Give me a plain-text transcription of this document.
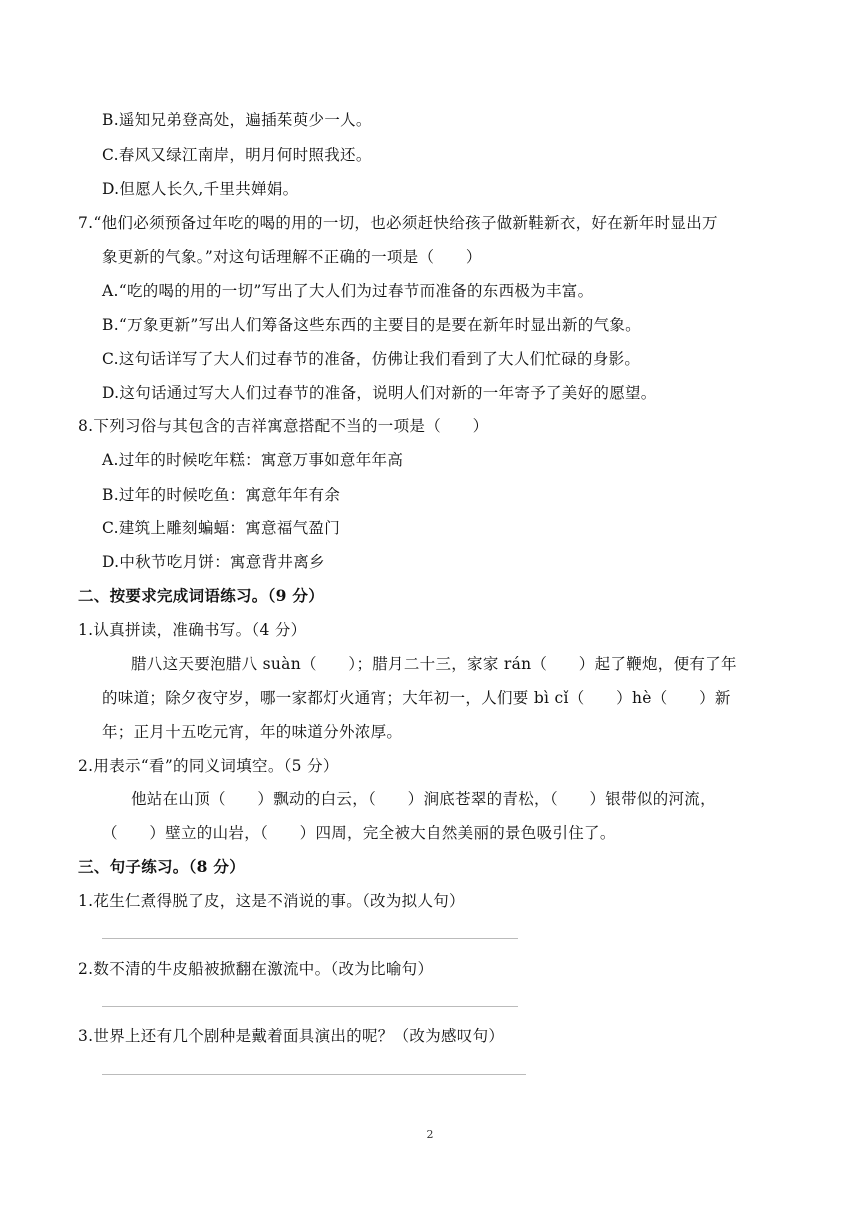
B.遥知兄弟登高处，遍插茱萸少一人。
C.春风又绿江南岸，明月何时照我还。
D.但愿人长久,千里共婵娟。
7.“他们必须预备过年吃的喝的用的一切，也必须赶快给孩子做新鞋新衣，好在新年时显出万
象更新的气象。”对这句话理解不正确的一项是（　　）
A.“吃的喝的用的一切”写出了大人们为过春节而准备的东西极为丰富。
B.“万象更新”写出人们筹备这些东西的主要目的是要在新年时显出新的气象。
C.这句话详写了大人们过春节的准备，仿佛让我们看到了大人们忙碌的身影。
D.这句话通过写大人们过春节的准备，说明人们对新的一年寄予了美好的愿望。
8.下列习俗与其包含的吉祥寓意搭配不当的一项是（　　）
A.过年的时候吃年糕：寓意万事如意年年高
B.过年的时候吃鱼：寓意年年有余
C.建筑上雕刻蝙蝠：寓意福气盈门
D.中秋节吃月饼：寓意背井离乡
二、按要求完成词语练习。（9 分）
1.认真拼读，准确书写。（4 分）
腊八这天要泡腊八 suàn（　　）；腊月二十三，家家 rán（　　）起了鞭炮，便有了年
的味道；除夕夜守岁，哪一家都灯火通宵；大年初一，人们要 bì cǐ（　　）hè（　　）新
年；正月十五吃元宵，年的味道分外浓厚。
2.用表示“看”的同义词填空。（5 分）
他站在山顶（　　）飘动的白云，（　　）涧底苍翠的青松，（　　）银带似的河流，
（　　）壁立的山岩，（　　）四周，完全被大自然美丽的景色吸引住了。
三、句子练习。（8 分）
1.花生仁煮得脱了皮，这是不消说的事。（改为拟人句）
2.数不清的牛皮船被掀翻在激流中。（改为比喻句）
3.世界上还有几个剧种是戴着面具演出的呢？（改为感叹句）
2
